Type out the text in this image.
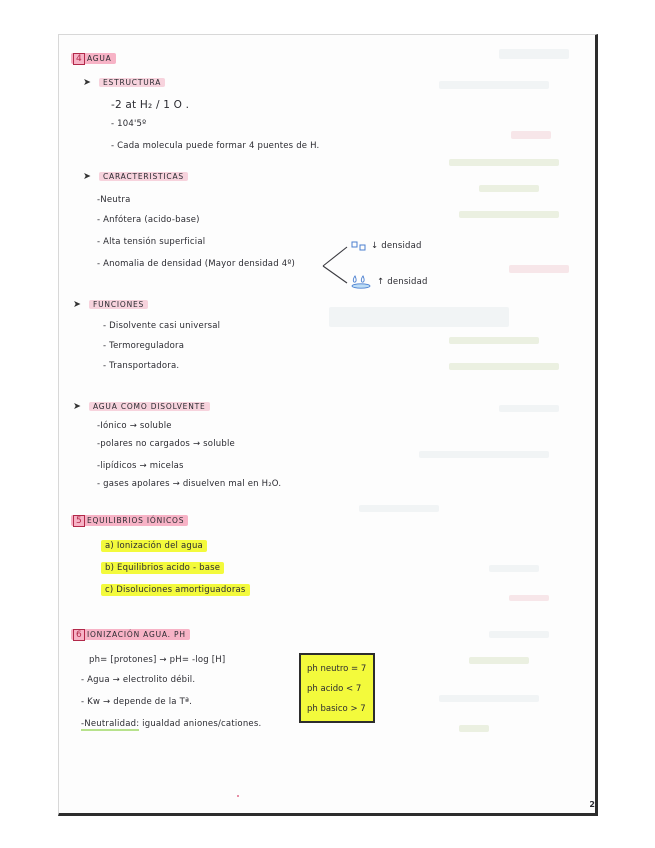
4 AGUA
➤ ESTRUCTURA
-2 at H₂ / 1 O .
- 104'5º
- Cada molecula puede formar 4 puentes de H.
➤ CARACTERISTICAS
-Neutra
- Anfótera (acido-base)
- Alta tensión superficial
- Anomalia de densidad (Mayor densidad 4º)
↓ densidad
↑ densidad
➤ FUNCIONES
- Disolvente casi universal
- Termoreguladora
- Transportadora.
➤ AGUA COMO DISOLVENTE
-Iónico → soluble
-polares no cargados → soluble
-lipídicos → micelas
- gases apolares → disuelven mal en H₂O.
5 EQUILIBRIOS IÓNICOS
a) Ionización del agua
b) Equilibrios acido - base
c) Disoluciones amortiguadoras
6 IONIZACIÓN AGUA. PH
ph= [protones] → pH= -log [H]
- Agua → electrolito débil.
- Kw → depende de la Tª.
-Neutralidad: igualdad aniones/cationes.
ph neutro = 7
ph acido < 7
ph basico > 7
2
